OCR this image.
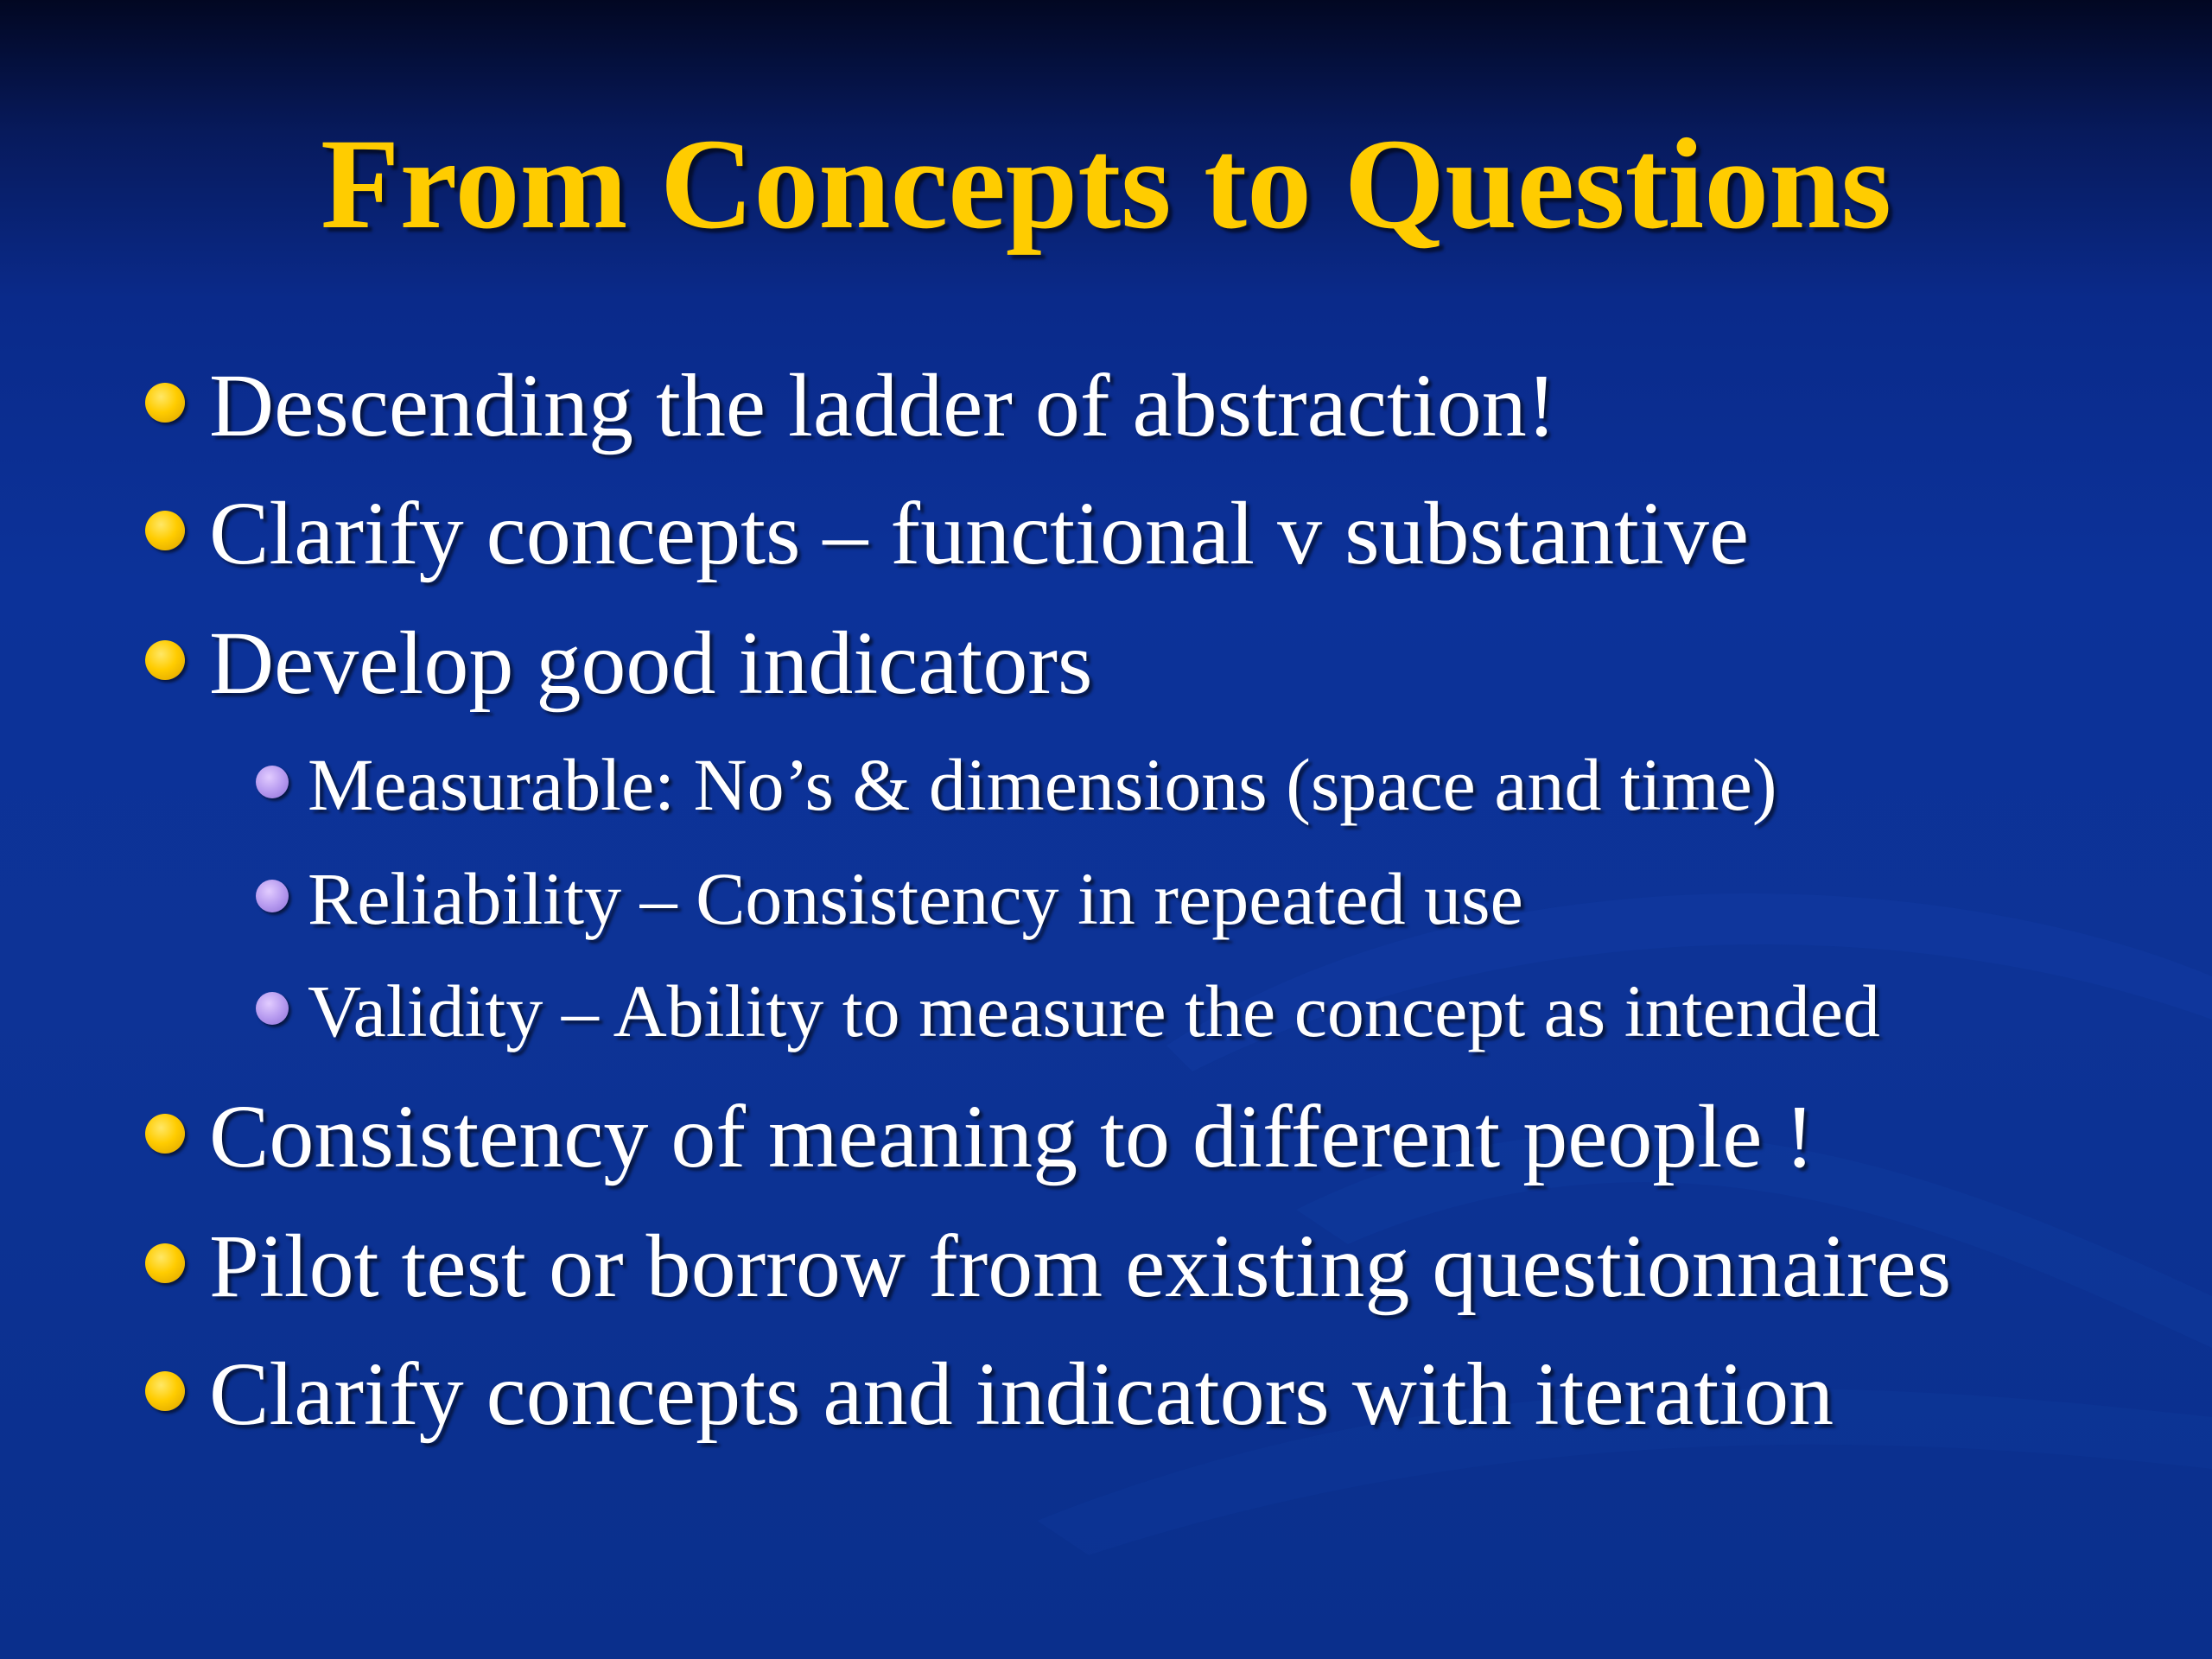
From Concepts to Questions
Descending the ladder of abstraction!
Clarify concepts – functional v substantive
Develop good indicators
Measurable: No’s & dimensions (space and time)
Reliability – Consistency in repeated use
Validity – Ability to measure the concept as intended
Consistency of meaning to different people !
Pilot test or borrow from existing questionnaires
Clarify concepts and indicators with iteration
